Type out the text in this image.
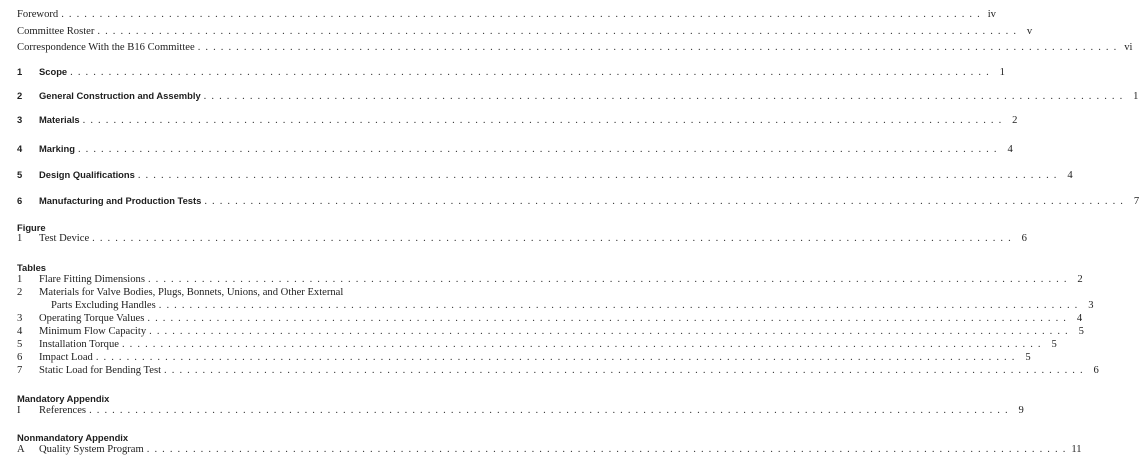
Foreword . . . . . . . . . . . . . . . . . . . . . . . . . . . . . . . . . . . . . . . . . . . . . . . . . . . . . . . . . . . . . . . . . . . . . . . . . . . . . . . . . . . . . . . . . . . . . . . . . . . . . . . . . . . . . . . . . . . . . . . . iv
Committee Roster . . . . . . . . . . . . . . . . . . . . . . . . . . . . . . . . . . . . . . . . . . . . . . . . . . . . . . . . . . . . . . . . . . . . . . . . . . . . . . . . . . . . . . . . . . . . . . . . . . . . . . . . . . . . . . . . . . . . . . . . v
Correspondence With the B16 Committee . . . . . . . . . . . . . . . . . . . . . . . . . . . . . . . . . . . . . . . . . . . . . . . . . . . . . . . . . . . . . . . . . . . . . . . . . . . . . . . . . . . . . . . . . . . . . . . . . . . . . . . . . . . . . . . . . . . . . . . . vi
1	Scope . . . . . . . . . . . . . . . . . . . . . . . . . . . . . . . . . . . . . . . . . . . . . . . . . . . . . . . . . . . . . . . . . . . . . . . . . . . . . . . . . . . . . . . . . . . . . . . . . . . . . . . . . . . . . . . . . . . . . . . . 1
2	General Construction and Assembly . . . . . . . . . . . . . . . . . . . . . . . . . . . . . . . . . . . . . . . . . . . . . . . . . . . . . . . . . . . . . . . . . . . . . . . . . . . . . . . . . . . . . . . . . . . . . . . . . . . . . . . . . . . . . . . . . . . . . . . . 1
3	Materials . . . . . . . . . . . . . . . . . . . . . . . . . . . . . . . . . . . . . . . . . . . . . . . . . . . . . . . . . . . . . . . . . . . . . . . . . . . . . . . . . . . . . . . . . . . . . . . . . . . . . . . . . . . . . . . . . . . . . . . . 2
4	Marking . . . . . . . . . . . . . . . . . . . . . . . . . . . . . . . . . . . . . . . . . . . . . . . . . . . . . . . . . . . . . . . . . . . . . . . . . . . . . . . . . . . . . . . . . . . . . . . . . . . . . . . . . . . . . . . . . . . . . . . . 4
5	Design Qualifications . . . . . . . . . . . . . . . . . . . . . . . . . . . . . . . . . . . . . . . . . . . . . . . . . . . . . . . . . . . . . . . . . . . . . . . . . . . . . . . . . . . . . . . . . . . . . . . . . . . . . . . . . . . . . . . . . . . . . . . . 4
6	Manufacturing and Production Tests . . . . . . . . . . . . . . . . . . . . . . . . . . . . . . . . . . . . . . . . . . . . . . . . . . . . . . . . . . . . . . . . . . . . . . . . . . . . . . . . . . . . . . . . . . . . . . . . . . . . . . . . . . . . . . . . . . . . . . . . 7
Figure
1	Test Device . . . . . . . . . . . . . . . . . . . . . . . . . . . . . . . . . . . . . . . . . . . . . . . . . . . . . . . . . . . . . . . . . . . . . . . . . . . . . . . . . . . . . . . . . . . . . . . . . . . . . . . . . . . . . . . . . . . . . . . . 6
Tables
1	Flare Fitting Dimensions . . . . . . . . . . . . . . . . . . . . . . . . . . . . . . . . . . . . . . . . . . . . . . . . . . . . . . . . . . . . . . . . . . . . . . . . . . . . . . . . . . . . . . . . . . . . . . . . . . . . . . . . . . . . . . . . . . . . . . . . 2
2	Materials for Valve Bodies, Plugs, Bonnets, Unions, and Other External
Parts Excluding Handles . . . . . . . . . . . . . . . . . . . . . . . . . . . . . . . . . . . . . . . . . . . . . . . . . . . . . . . . . . . . . . . . . . . . . . . . . . . . . . . . . . . . . . . . . . . . . . . . . . . . . . . . . . . . . . . . . . . . . . . . 3
3	Operating Torque Values . . . . . . . . . . . . . . . . . . . . . . . . . . . . . . . . . . . . . . . . . . . . . . . . . . . . . . . . . . . . . . . . . . . . . . . . . . . . . . . . . . . . . . . . . . . . . . . . . . . . . . . . . . . . . . . . . . . . . . . . 4
4	Minimum Flow Capacity . . . . . . . . . . . . . . . . . . . . . . . . . . . . . . . . . . . . . . . . . . . . . . . . . . . . . . . . . . . . . . . . . . . . . . . . . . . . . . . . . . . . . . . . . . . . . . . . . . . . . . . . . . . . . . . . . . . . . . . . 5
5	Installation Torque . . . . . . . . . . . . . . . . . . . . . . . . . . . . . . . . . . . . . . . . . . . . . . . . . . . . . . . . . . . . . . . . . . . . . . . . . . . . . . . . . . . . . . . . . . . . . . . . . . . . . . . . . . . . . . . . . . . . . . . . 5
6	Impact Load . . . . . . . . . . . . . . . . . . . . . . . . . . . . . . . . . . . . . . . . . . . . . . . . . . . . . . . . . . . . . . . . . . . . . . . . . . . . . . . . . . . . . . . . . . . . . . . . . . . . . . . . . . . . . . . . . . . . . . . . 5
7	Static Load for Bending Test . . . . . . . . . . . . . . . . . . . . . . . . . . . . . . . . . . . . . . . . . . . . . . . . . . . . . . . . . . . . . . . . . . . . . . . . . . . . . . . . . . . . . . . . . . . . . . . . . . . . . . . . . . . . . . . . . . . . . . . . 6
Mandatory Appendix
I	References . . . . . . . . . . . . . . . . . . . . . . . . . . . . . . . . . . . . . . . . . . . . . . . . . . . . . . . . . . . . . . . . . . . . . . . . . . . . . . . . . . . . . . . . . . . . . . . . . . . . . . . . . . . . . . . . . . . . . . . . 9
Nonmandatory Appendix
A	Quality System Program . . . . . . . . . . . . . . . . . . . . . . . . . . . . . . . . . . . . . . . . . . . . . . . . . . . . . . . . . . . . . . . . . . . . . . . . . . . . . . . . . . . . . . . . . . . . . . . . . . . . . . . . . . . . . . . . . . . . . . . . 11
